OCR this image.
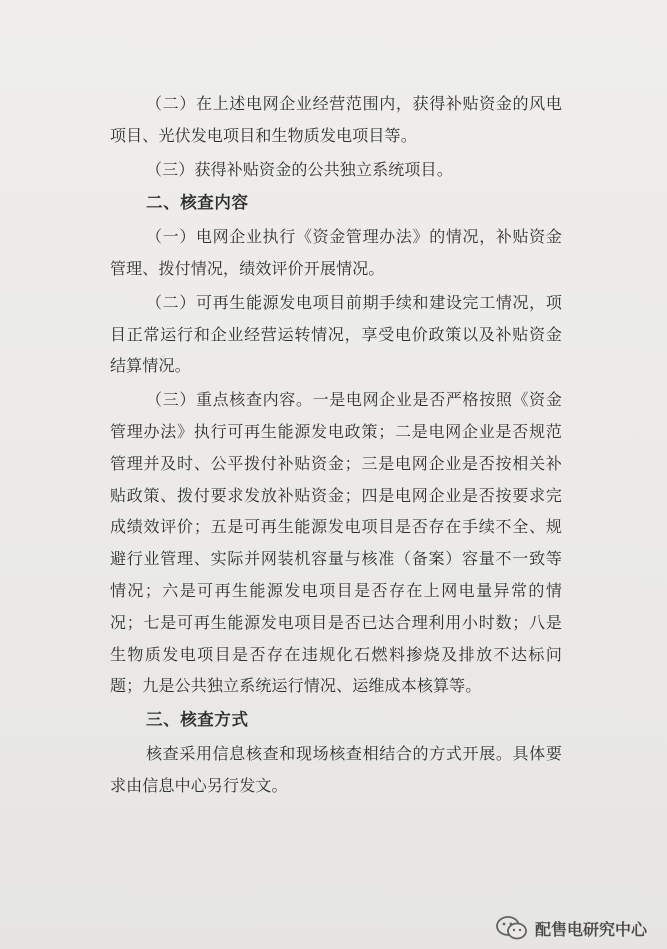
（二）在上述电网企业经营范围内，获得补贴资金的风电项目、光伏发电项目和生物质发电项目等。

（三）获得补贴资金的公共独立系统项目。

二、核查内容

（一）电网企业执行《资金管理办法》的情况，补贴资金管理、拨付情况，绩效评价开展情况。

（二）可再生能源发电项目前期手续和建设完工情况，项目正常运行和企业经营运转情况，享受电价政策以及补贴资金结算情况。

（三）重点核查内容。一是电网企业是否严格按照《资金管理办法》执行可再生能源发电政策；二是电网企业是否规范管理并及时、公平拨付补贴资金；三是电网企业是否按相关补贴政策、拨付要求发放补贴资金；四是电网企业是否按要求完成绩效评价；五是可再生能源发电项目是否存在手续不全、规避行业管理、实际并网装机容量与核准（备案）容量不一致等情况；六是可再生能源发电项目是否存在上网电量异常的情况；七是可再生能源发电项目是否已达合理利用小时数；八是生物质发电项目是否存在违规化石燃料掺烧及排放不达标问题；九是公共独立系统运行情况、运维成本核算等。

三、核查方式

核查采用信息核查和现场核查相结合的方式开展。具体要求由信息中心另行发文。

配售电研究中心
